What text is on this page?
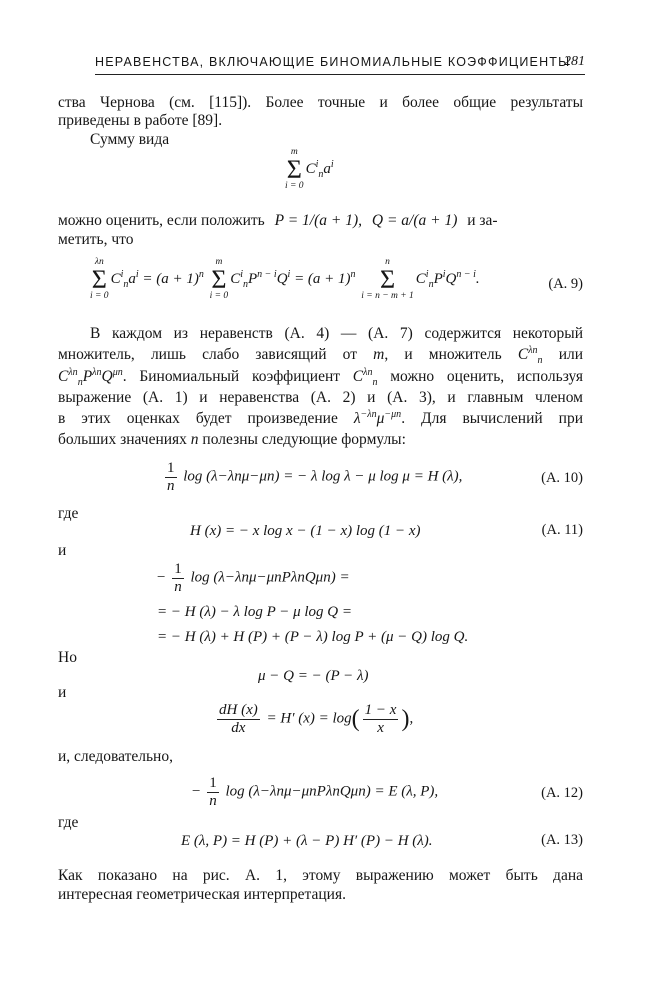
НЕРАВЕНСТВА, ВКЛЮЧАЮЩИЕ БИНОМИАЛЬНЫЕ КОЭФФИЦИЕНТЫ
281
ства Чернова (см. [115]). Более точные и более общие результаты
приведены в работе [89].
Сумму вида
m
Σ
i = 0
$C^i_na^i$
можно оценить, если положить P = 1/(a + 1), Q = a/(a + 1) и за-
метить, что
λn
Σ
i = 0
$C^i_na^i = (a + 1)^n$
m
Σ
i = 0
$C^i_nP^{n - i}Q^i = (a + 1)^n$
n
Σ
i = n − m + 1
$C^i_nP^iQ^{n - i}$.	(А. 9)
В каждом из неравенств (А. 4) — (А. 7) содержится некоторый
множитель, лишь слабо зависящий от m, и множитель $C^{\lambda n}_n$ или
$C^{\lambda n}_nP^{\lambda n}Q^{\mu n}$. Биномиальный коэффициент $C^{\lambda n}_n$ можно оценить, используя
выражение (А. 1) и неравенства (А. 2) и (А. 3), и главным членом
в этих оценках будет произведение $\lambda^{-\lambda n}\mu^{-\mu n}$. Для вычислений при
больших значениях n полезны следующие формулы:
$\frac{1}{n}$ log (λ−λnμ−μn) = − λ log λ − μ log μ = H (λ),	(А. 10)
где
H (x) = − x log x − (1 − x) log (1 − x)	(А. 11)
и
− $\frac{1}{n}$ log (λ−λnμ−μnPλnQμn) =
= − H (λ) − λ log P − μ log Q =
= − H (λ) + H (P) + (P − λ) log P + (μ − Q) log Q.
Но
μ − Q = − (P − λ)
и
$\frac{dH (x)}{dx} = H'$ $(x) = \log( \frac{1 - x}{x}$ ),
и, следовательно,
− $\frac{1}{n}$ log (λ−λnμ−μnPλnQμn) = E (λ, P),	(А. 12)
где
E (λ, P) = H (P) + (λ − P) H′ (P) − H (λ).	(А. 13)
Как показано на рис. А. 1, этому выражению может быть дана
интересная геометрическая интерпретация.
